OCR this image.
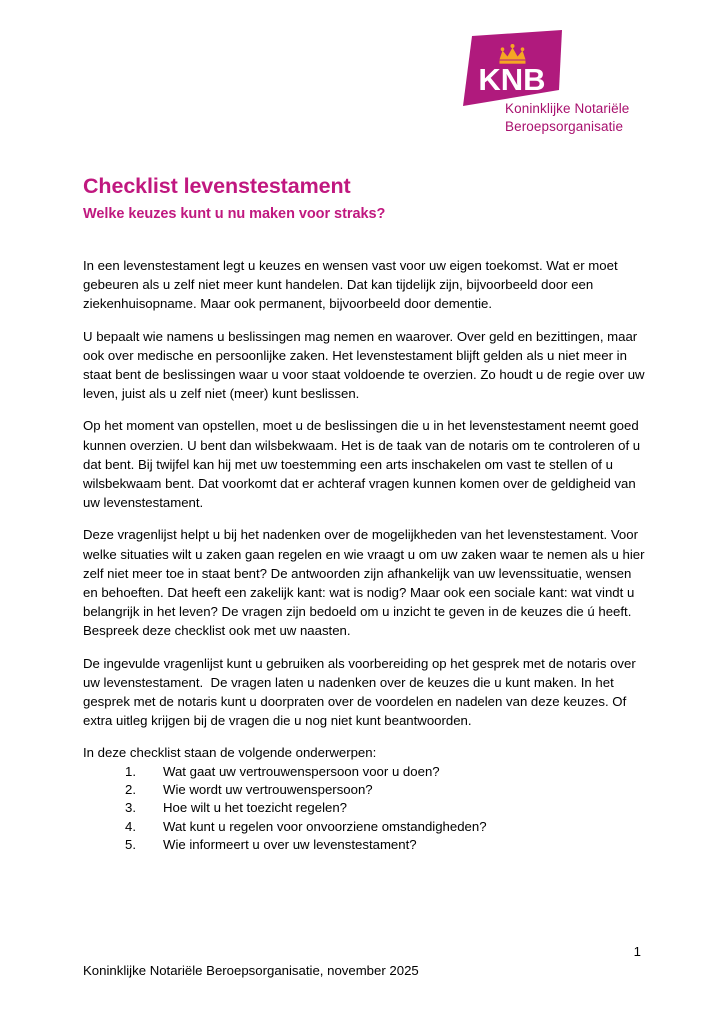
KNB
Koninklijke Notariële
Beroepsorganisatie
Checklist levenstestament
Welke keuzes kunt u nu maken voor straks?

In een levenstestament legt u keuzes en wensen vast voor uw eigen toekomst. Wat er moet gebeuren als u zelf niet meer kunt handelen. Dat kan tijdelijk zijn, bijvoorbeeld door een ziekenhuisopname. Maar ook permanent, bijvoorbeeld door dementie.

U bepaalt wie namens u beslissingen mag nemen en waarover. Over geld en bezittingen, maar ook over medische en persoonlijke zaken. Het levenstestament blijft gelden als u niet meer in staat bent de beslissingen waar u voor staat voldoende te overzien. Zo houdt u de regie over uw leven, juist als u zelf niet (meer) kunt beslissen.

Op het moment van opstellen, moet u de beslissingen die u in het levenstestament neemt goed kunnen overzien. U bent dan wilsbekwaam. Het is de taak van de notaris om te controleren of u dat bent. Bij twijfel kan hij met uw toestemming een arts inschakelen om vast te stellen of u wilsbekwaam bent. Dat voorkomt dat er achteraf vragen kunnen komen over de geldigheid van uw levenstestament.

Deze vragenlijst helpt u bij het nadenken over de mogelijkheden van het levenstestament. Voor welke situaties wilt u zaken gaan regelen en wie vraagt u om uw zaken waar te nemen als u hier zelf niet meer toe in staat bent? De antwoorden zijn afhankelijk van uw levenssituatie, wensen en behoeften. Dat heeft een zakelijk kant: wat is nodig? Maar ook een sociale kant: wat vindt u belangrijk in het leven? De vragen zijn bedoeld om u inzicht te geven in de keuzes die ú heeft. Bespreek deze checklist ook met uw naasten.

De ingevulde vragenlijst kunt u gebruiken als voorbereiding op het gesprek met de notaris over uw levenstestament.  De vragen laten u nadenken over de keuzes die u kunt maken. In het gesprek met de notaris kunt u doorpraten over de voordelen en nadelen van deze keuzes. Of extra uitleg krijgen bij de vragen die u nog niet kunt beantwoorden.

In deze checklist staan de volgende onderwerpen:

1.	Wat gaat uw vertrouwenspersoon voor u doen?
2.	Wie wordt uw vertrouwenspersoon?
3.	Hoe wilt u het toezicht regelen?
4.	Wat kunt u regelen voor onvoorziene omstandigheden?
5.	Wie informeert u over uw levenstestament?
1
Koninklijke Notariële Beroepsorganisatie, november 2025
